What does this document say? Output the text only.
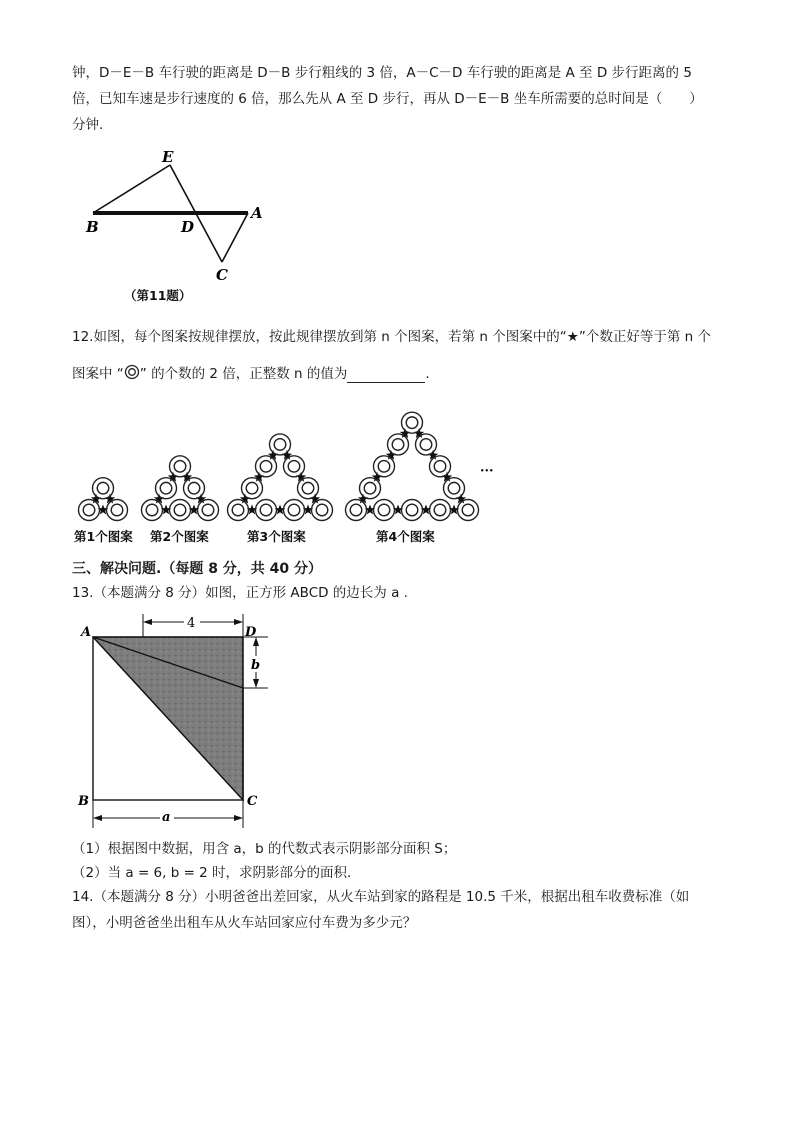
钟，D－E－B 车行驶的距离是 D－B 步行粗线的 3 倍，A－C－D 车行驶的距离是 A 至 D 步行距离的 5
倍，已知车速是步行速度的 6 倍，那么先从 A 至 D 步行，再从 D－E－B 坐车所需要的总时间是（　　）
分钟.
E
B	D
A
C
（第11题）
12.如图，每个图案按规律摆放，按此规律摆放到第 n 个图案，若第 n 个图案中的“★”个数正好等于第 n 个
图案中 “ ” 的个数的 2 倍，正整数 n 的值为	.
···
第1个图案 第2个图案	第3个图案	第4个图案
三、解决问题.（每题 8 分，共 40 分）
13.（本题满分 8 分）如图，正方形 ABCD 的边长为 a .
4
b
a
A	D
B	C
（1）根据图中数据，用含 a，b 的代数式表示阴影部分面积 S；
（2）当 a = 6, b = 2 时，求阴影部分的面积.
14.（本题满分 8 分）小明爸爸出差回家，从火车站到家的路程是 10.5 千米，根据出租车收费标准（如
图），小明爸爸坐出租车从火车站回家应付车费为多少元？
